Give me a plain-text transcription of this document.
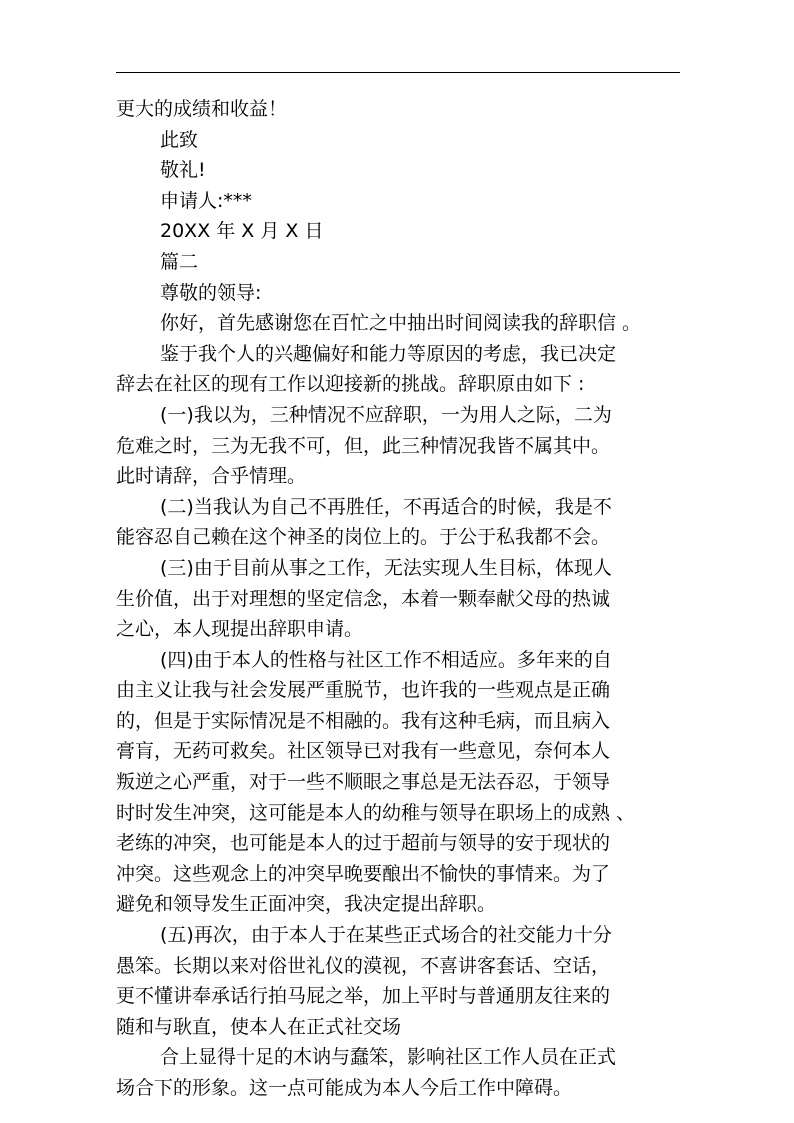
更大的成绩和收益！
此致
敬礼!
申请人:***
20XX 年 X 月 X 日
篇二
尊敬的领导:
你好，首先感谢您在百忙之中抽出时间阅读我的辞职信 。
鉴于我个人的兴趣偏好和能力等原因的考虑，我已决定
辞去在社区的现有工作以迎接新的挑战。辞职原由如下 :
(一)我以为，三种情况不应辞职，一为用人之际，二为
危难之时，三为无我不可，但，此三种情况我皆不属其中。
此时请辞，合乎情理。
(二)当我认为自己不再胜任，不再适合的时候，我是不
能容忍自己赖在这个神圣的岗位上的。于公于私我都不会。
(三)由于目前从事之工作，无法实现人生目标，体现人
生价值，出于对理想的坚定信念，本着一颗奉献父母的热诚
之心，本人现提出辞职申请。
(四)由于本人的性格与社区工作不相适应。多年来的自
由主义让我与社会发展严重脱节，也许我的一些观点是正确
的，但是于实际情况是不相融的。我有这种毛病，而且病入
膏肓，无药可救矣。社区领导已对我有一些意见，奈何本人
叛逆之心严重，对于一些不顺眼之事总是无法吞忍，于领导
时时发生冲突，这可能是本人的幼稚与领导在职场上的成熟 、
老练的冲突，也可能是本人的过于超前与领导的安于现状的
冲突。这些观念上的冲突早晚要酿出不愉快的事情来。为了
避免和领导发生正面冲突，我决定提出辞职。
(五)再次，由于本人于在某些正式场合的社交能力十分
愚笨。长期以来对俗世礼仪的漠视，不喜讲客套话、空话，
更不懂讲奉承话行拍马屁之举，加上平时与普通朋友往来的
随和与耿直，使本人在正式社交场
合上显得十足的木讷与蠢笨，影响社区工作人员在正式
场合下的形象。这一点可能成为本人今后工作中障碍。
